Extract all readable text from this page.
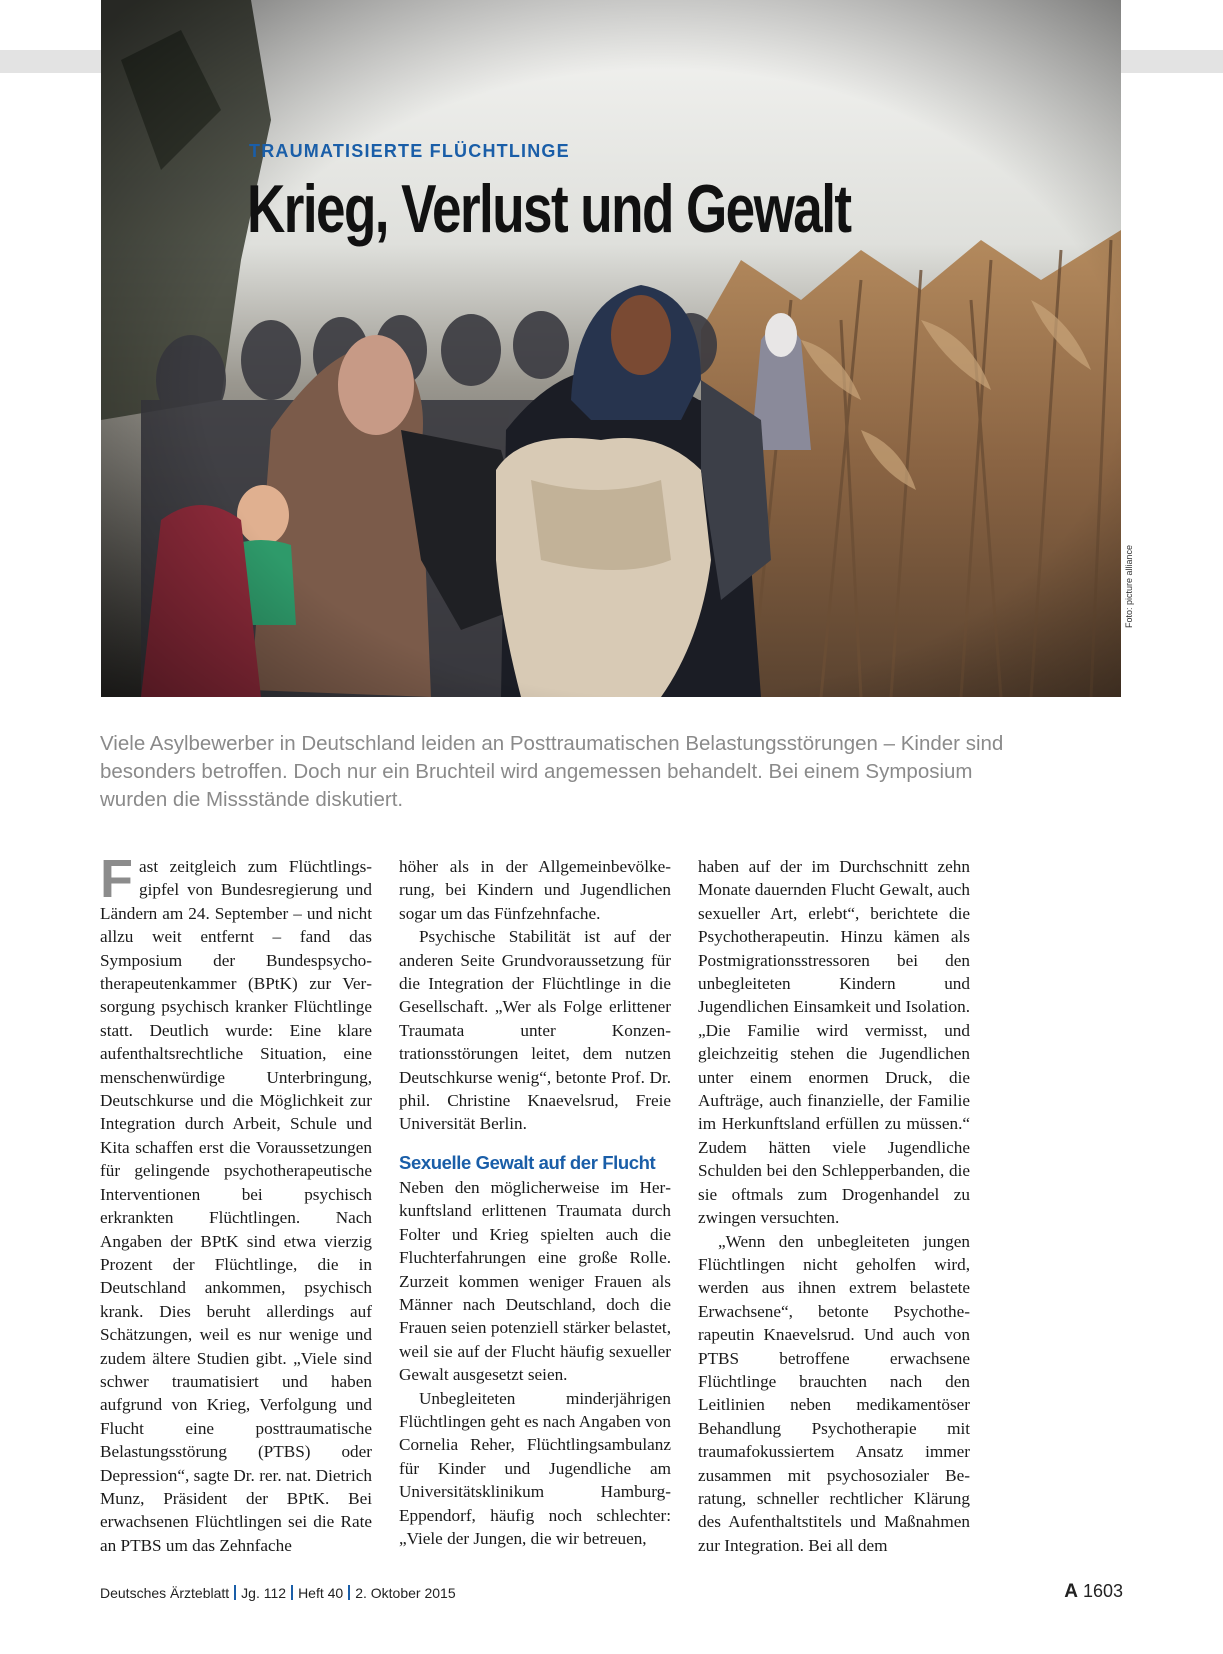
TRAUMATISIERTE FLÜCHTLINGE
Krieg, Verlust und Gewalt
Foto: picture alliance
Viele Asylbewerber in Deutschland leiden an Posttraumatischen Belastungsstörungen – Kinder sind besonders betroffen. Doch nur ein Bruchteil wird angemessen behandelt. Bei einem Symposium wurden die Missstände diskutiert.

Fast zeitgleich zum Flüchtlingsgipfel von Bundesregierung und Ländern am 24. September – und nicht allzu weit entfernt – fand das Symposium der Bundespsychotherapeutenkammer (BPtK) zur Versorgung psychisch kranker Flüchtlinge statt. Deutlich wurde: Eine klare aufenthaltsrechtliche Situation, eine menschenwürdige Unterbringung, Deutschkurse und die Möglichkeit zur Integration durch Arbeit, Schule und Kita schaffen erst die Voraussetzungen für gelingende psychotherapeutische Interventionen bei psychisch erkrankten Flüchtlingen. Nach Angaben der BPtK sind etwa vierzig Prozent der Flüchtlinge, die in Deutschland ankommen, psychisch krank. Dies beruht allerdings auf Schätzungen, weil es nur wenige und zudem ältere Studien gibt. „Viele sind schwer traumatisiert und haben aufgrund von Krieg, Verfolgung und Flucht eine posttraumatische Belastungsstörung (PTBS) oder Depression“, sagte Dr. rer. nat. Dietrich Munz, Präsident der BPtK. Bei erwachsenen Flüchtlingen sei die Rate an PTBS um das Zehnfache

höher als in der Allgemeinbevölkerung, bei Kindern und Jugendlichen sogar um das Fünfzehnfache.

Psychische Stabilität ist auf der anderen Seite Grundvoraussetzung für die Integration der Flüchtlinge in die Gesellschaft. „Wer als Folge erlittener Traumata unter Konzentrationsstörungen leitet, dem nutzen Deutschkurse wenig“, betonte Prof. Dr. phil. Christine Knaevelsrud, Freie Universität Berlin.

Sexuelle Gewalt auf der Flucht

Neben den möglicherweise im Herkunftsland erlittenen Traumata durch Folter und Krieg spielten auch die Fluchterfahrungen eine große Rolle. Zurzeit kommen weniger Frauen als Männer nach Deutschland, doch die Frauen seien potenziell stärker belastet, weil sie auf der Flucht häufig sexueller Gewalt ausgesetzt seien.

Unbegleiteten minderjährigen Flüchtlingen geht es nach Angaben von Cornelia Reher, Flüchtlingsambulanz für Kinder und Jugendliche am Universitätsklinikum Hamburg-Eppendorf, häufig noch schlechter: „Viele der Jungen, die wir betreuen,

haben auf der im Durchschnitt zehn Monate dauernden Flucht Gewalt, auch sexueller Art, erlebt“, berichtete die Psychotherapeutin. Hinzu kämen als Postmigrationsstressoren bei den unbegleiteten Kindern und Jugendlichen Einsamkeit und Isolation. „Die Familie wird vermisst, und gleichzeitig stehen die Jugendlichen unter einem enormen Druck, die Aufträge, auch finanzielle, der Familie im Herkunftsland erfüllen zu müssen.“ Zudem hätten viele Jugendliche Schulden bei den Schlepperbanden, die sie oftmals zum Drogenhandel zu zwingen versuchten.

„Wenn den unbegleiteten jungen Flüchtlingen nicht geholfen wird, werden aus ihnen extrem belastete Erwachsene“, betonte Psychotherapeutin Knaevelsrud. Und auch von PTBS betroffene erwachsene Flüchtlinge brauchten nach den Leitlinien neben medikamentöser Behandlung Psychotherapie mit traumafokussiertem Ansatz immer zusammen mit psychosozialer Beratung, schneller rechtlicher Klärung des Aufenthaltstitels und Maßnahmen zur Integration. Bei all dem

Deutsches Ärzteblatt Jg. 112 Heft 40 2. Oktober 2015	A 1603
